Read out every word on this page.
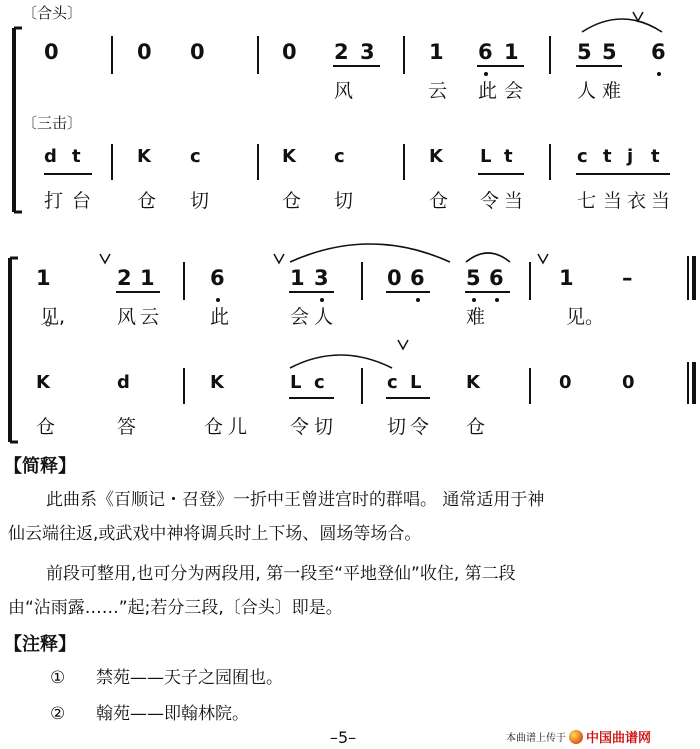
〔合头〕
〔三击〕
0	0 0	0 2 3	1 6 1	5 5 6
风	云 此 会	人 难
d t	K c	K c	K L t	c t j t
打 台 仓 切	仓 切	仓 令 当	七 当 衣 当
1	2 1	6	1 3	0 6 5 6	1 –
见,	风 云	此	会 人	难	见。
K	d	K	L c	c L K	0	0
仓	答	仓 儿 令 切	切 令 仓
【简释】
此曲系《百顺记・召登》一折中王曾进宫时的群唱。 通常适用于神
仙云端往返,或武戏中神将调兵时上下场、圆场等场合。
前段可整用,也可分为两段用, 第一段至“平地登仙”收住, 第二段
由“沾雨露……”起;若分三段,〔合头〕即是。
【注释】
① 禁苑——天子之园囿也。
② 翰苑——即翰林院。
–5–	本曲谱上传于 中国曲谱网
